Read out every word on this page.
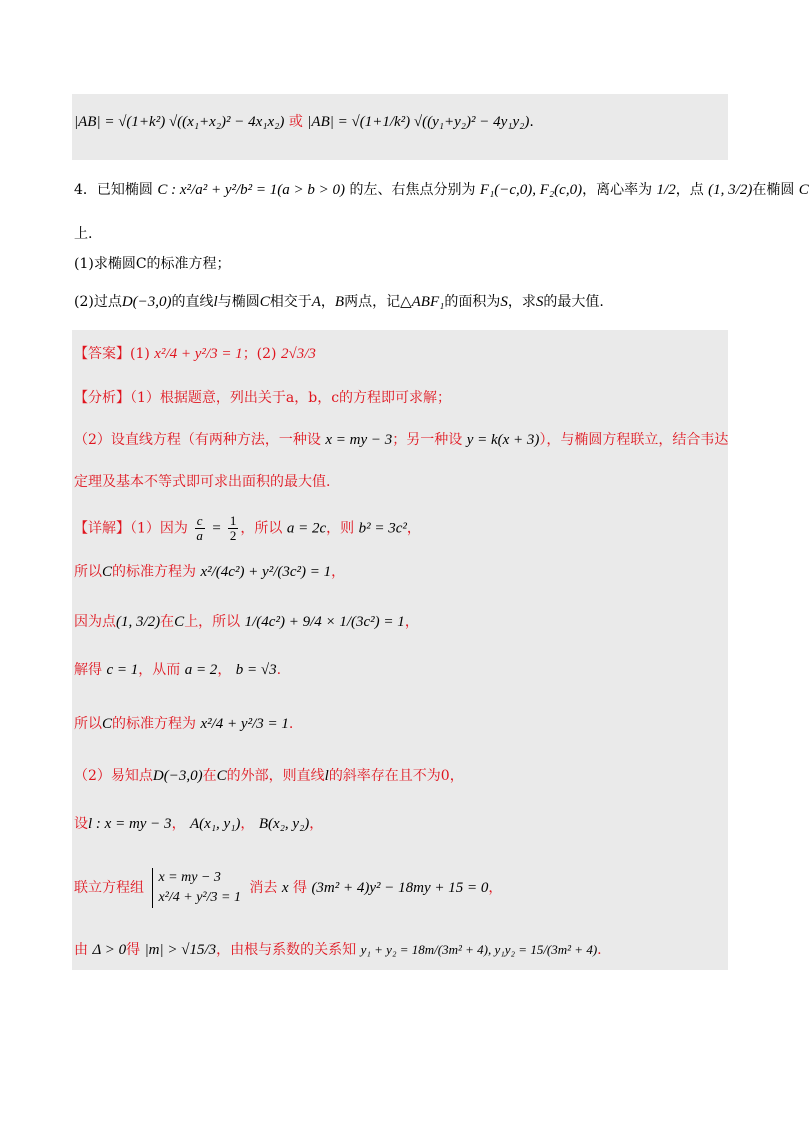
|AB| = √(1+k²) √((x₁+x₂)² − 4x₁x₂) 或 |AB| = √(1+1/k²) √((y₁+y₂)² − 4y₁y₂).
4．已知椭圆 C : x²/a² + y²/b² = 1(a > b > 0) 的左、右焦点分别为 F₁(−c,0), F₂(c,0)，离心率为 1/2，点 (1, 3/2)在椭圆 C
上.
(1)求椭圆C的标准方程；
(2)过点D(−3,0)的直线l与椭圆C相交于A，B两点，记△ABF₁的面积为S，求S的最大值.
【答案】(1) x²/4 + y²/3 = 1；(2) 2√3/3
【分析】（1）根据题意，列出关于a，b，c的方程即可求解；
（2）设直线方程（有两种方法，一种设 x = my − 3；另一种设 y = k(x + 3)），与椭圆方程联立，结合韦达
定理及基本不等式即可求出面积的最大值.
【详解】（1）因为 $\frac{c}{a} = \frac{1}{2}$ ，所以 a = 2c，则 b² = 3c²，
所以C的标准方程为 x²/(4c²) + y²/(3c²) = 1，
因为点(1, 3/2)在C上，所以 1/(4c²) + 9/4 × 1/(3c²) = 1，
解得 c = 1，从而 a = 2， b = √3.
所以C的标准方程为 x²/4 + y²/3 = 1.
（2）易知点D(−3,0)在C的外部，则直线l的斜率存在且不为0，
设l : x = my − 3， A(x₁, y₁)， B(x₂, y₂)，
联立方程组
x = my − 3
x²/4 + y²/3 = 1
消去 x 得 (3m² + 4)y² − 18my + 15 = 0，
由 Δ > 0得 |m| > √15/3，由根与系数的关系知 y₁ + y₂ = 18m/(3m² + 4), y₁y₂ = 15/(3m² + 4).
